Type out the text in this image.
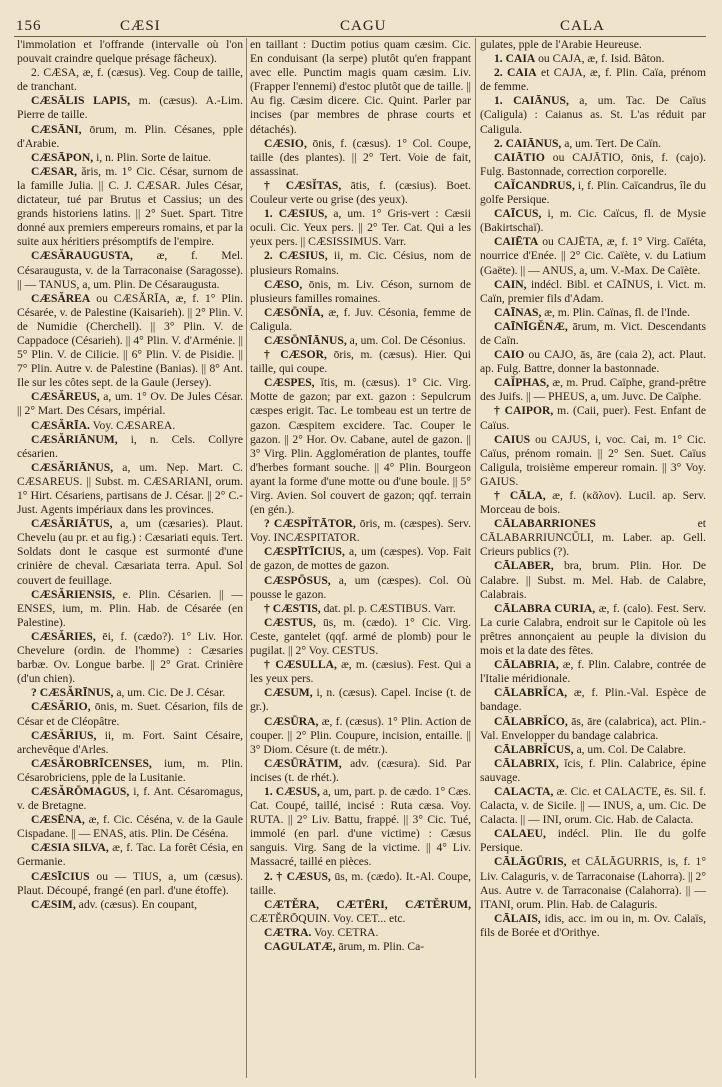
156	CÆSI	CAGU	CALA

l'immolation et l'offrande (intervalle où l'on pouvait craindre quelque présage fâcheux).

2. CÆSA, æ, f. (cæsus). Veg. Coup de taille, de tranchant.

CÆSĀLIS LAPIS, m. (cæsus). A.-Lim. Pierre de taille.

CÆSĀNI, ōrum, m. Plin. Césanes, pple d'Arabie.

CÆSĀPON, i, n. Plin. Sorte de laitue.

CÆSAR, ăris, m. 1° Cic. César, surnom de la famille Julia. || C. J. CÆSAR. Jules César, dictateur, tué par Brutus et Cassius; un des grands historiens latins. || 2° Suet. Spart. Titre donné aux premiers empereurs romains, et par la suite aux héritiers présomptifs de l'empire.

CÆSĂRAUGUSTA, æ, f. Mel. Césaraugusta, v. de la Tarraconaise (Saragosse). || — TANUS, a, um. Plin. De Césaraugusta.

CÆSĂREA ou CÆSĂRĪA, æ, f. 1° Plin. Césarée, v. de Palestine (Kaisarieh). || 2° Plin. V. de Numidie (Cherchell). || 3° Plin. V. de Cappadoce (Césarieh). || 4° Plin. V. d'Arménie. || 5° Plin. V. de Cilicie. || 6° Plin. V. de Pisidie. || 7° Plin. Autre v. de Palestine (Banias). || 8° Ant. Ile sur les côtes sept. de la Gaule (Jersey).

CÆSĂREUS, a, um. 1° Ov. De Jules César. || 2° Mart. Des Césars, impérial.

CÆSĂRĪA. Voy. CÆSAREA.

CÆSĂRIĀNUM, i, n. Cels. Collyre césarien.

CÆSĂRIĀNUS, a, um. Nep. Mart. C. CÆSAREUS. || Subst. m. CÆSARIANI, orum. 1° Hirt. Césariens, partisans de J. César. || 2° C.-Just. Agents impériaux dans les provinces.

CÆSĂRIĀTUS, a, um (cæsaries). Plaut. Chevelu (au pr. et au fig.) : Cæsariati equis. Tert. Soldats dont le casque est surmonté d'une crinière de cheval. Cæsariata terra. Apul. Sol couvert de feuillage.

CÆSĂRIENSIS, e. Plin. Césarien. || — ENSES, ium, m. Plin. Hab. de Césarée (en Palestine).

CÆSĂRIES, ēi, f. (cædo?). 1° Liv. Hor. Chevelure (ordin. de l'homme) : Cæsaries barbæ. Ov. Longue barbe. || 2° Grat. Crinière (d'un chien).

? CÆSĂRĪNUS, a, um. Cic. De J. César.

CÆSĂRIO, ōnis, m. Suet. Césarion, fils de César et de Cléopâtre.

CÆSĂRIUS, ii, m. Fort. Saint Césaire, archevêque d'Arles.

CÆSĂROBRĪCENSES, ium, m. Plin. Césarobriciens, pple de la Lusitanie.

CÆSĂRŌMAGUS, i, f. Ant. Césaromagus, v. de Bretagne.

CÆSĒNA, æ, f. Cic. Céséna, v. de la Gaule Cispadane. || — ENAS, atis. Plin. De Céséna.

CÆSIA SILVA, æ, f. Tac. La forêt Césia, en Germanie.

CÆSĪCIUS ou — TIUS, a, um (cæsus). Plaut. Découpé, frangé (en parl. d'une étoffe).

CÆSIM, adv. (cæsus). En coupant,

en taillant : Ductim potius quam cæsim. Cic. En conduisant (la serpe) plutôt qu'en frappant avec elle. Punctim magis quam cæsim. Liv. (Frapper l'ennemi) d'estoc plutôt que de taille. || Au fig. Cæsim dicere. Cic. Quint. Parler par incises (par membres de phrase courts et détachés).

CÆSIO, ōnis, f. (cæsus). 1° Col. Coupe, taille (des plantes). || 2° Tert. Voie de fait, assassinat.

† CÆSĬTAS, ātis, f. (cæsius). Boet. Couleur verte ou grise (des yeux).

1. CÆSIUS, a, um. 1° Gris-vert : Cæsii oculi. Cic. Yeux pers. || 2° Ter. Cat. Qui a les yeux pers. || CÆSISSIMUS. Varr.

2. CÆSIUS, ii, m. Cic. Césius, nom de plusieurs Romains.

CÆSO, ōnis, m. Liv. Céson, surnom de plusieurs familles romaines.

CÆSŌNĬA, æ, f. Juv. Césonia, femme de Caligula.

CÆSŌNĪĀNUS, a, um. Col. De Césonius.

† CÆSOR, ōris, m. (cæsus). Hier. Qui taille, qui coupe.

CÆSPES, ĭtis, m. (cæsus). 1° Cic. Virg. Motte de gazon; par ext. gazon : Sepulcrum cæspes erigit. Tac. Le tombeau est un tertre de gazon. Cæspitem excidere. Tac. Couper le gazon. || 2° Hor. Ov. Cabane, autel de gazon. || 3° Virg. Plin. Agglomération de plantes, touffe d'herbes formant souche. || 4° Plin. Bourgeon ayant la forme d'une motte ou d'une boule. || 5° Virg. Avien. Sol couvert de gazon; qqf. terrain (en gén.).

? CÆSPĬTĀTOR, ōris, m. (cæspes). Serv. Voy. INCÆSPITATOR.

CÆSPĪTĪCIUS, a, um (cæspes). Vop. Fait de gazon, de mottes de gazon.

CÆSPŌSUS, a, um (cæspes). Col. Où pousse le gazon.

† CÆSTIS, dat. pl. p. CÆSTIBUS. Varr.

CÆSTUS, ūs, m. (cædo). 1° Cic. Virg. Ceste, gantelet (qqf. armé de plomb) pour le pugilat. || 2° Voy. CESTUS.

† CÆSULLA, æ, m. (cæsius). Fest. Qui a les yeux pers.

CÆSUM, i, n. (cæsus). Capel. Incise (t. de gr.).

CÆSŪRA, æ, f. (cæsus). 1° Plin. Action de couper. || 2° Plin. Coupure, incision, entaille. || 3° Diom. Césure (t. de métr.).

CÆSŪRĀTIM, adv. (cæsura). Sid. Par incises (t. de rhét.).

1. CÆSUS, a, um, part. p. de cædo. 1° Cæs. Cat. Coupé, taillé, incisé : Ruta cæsa. Voy. RUTA. || 2° Liv. Battu, frappé. || 3° Cic. Tué, immolé (en parl. d'une victime) : Cæsus sanguis. Virg. Sang de la victime. || 4° Liv. Massacré, taillé en pièces.

2. † CÆSUS, ūs, m. (cædo). It.-Al. Coupe, taille.

CÆTĔRA, CÆTĒRI, CÆTĔRUM, CÆTĔRŌQUIN. Voy. CET... etc.

CÆTRA. Voy. CETRA.

CAGULATÆ, ārum, m. Plin. Ca-

gulates, pple de l'Arabie Heureuse.

1. CAIA ou CAJA, æ, f. Isid. Bâton.

2. CAIA et CAJA, æ, f. Plin. Caïa, prénom de femme.

1. CAIĀNUS, a, um. Tac. De Caïus (Caligula) : Caianus as. St. L'as réduit par Caligula.

2. CAIĀNUS, a, um. Tert. De Caïn.

CAIĀTIO ou CAJĀTIO, ōnis, f. (cajo). Fulg. Bastonnade, correction corporelle.

CAĬCANDRUS, i, f. Plin. Caïcandrus, île du golfe Persique.

CAĪCUS, i, m. Cic. Caïcus, fl. de Mysie (Bakirtschaï).

CAIĒTA ou CAJĒTA, æ, f. 1° Virg. Caïéta, nourrice d'Enée. || 2° Cic. Caïète, v. du Latium (Gaëte). || — ANUS, a, um. V.-Max. De Caïète.

CAIN, indécl. Bibl. et CAĪNUS, i. Vict. m. Caïn, premier fils d'Adam.

CAĪNAS, æ, m. Plin. Caïnas, fl. de l'Inde.

CAĪNĪGĔNÆ, ārum, m. Vict. Descendants de Caïn.

CAIO ou CAJO, ās, āre (caia 2), act. Plaut. ap. Fulg. Battre, donner la bastonnade.

CAĬPHAS, æ, m. Prud. Caïphe, grand-prêtre des Juifs. || — PHEUS, a, um. Juvc. De Caïphe.

† CAIPOR, m. (Caii, puer). Fest. Enfant de Caïus.

CAIUS ou CAJUS, i, voc. Cai, m. 1° Cic. Caïus, prénom romain. || 2° Sen. Suet. Caïus Caligula, troisième empereur romain. || 3° Voy. GAIUS.

† CĀLA, æ, f. (κᾶλον). Lucil. ap. Serv. Morceau de bois.

CĀLABARRIONES et CĀLABARRIUNCŬLI, m. Laber. ap. Gell. Crieurs publics (?).

CĀLABER, bra, brum. Plin. Hor. De Calabre. || Subst. m. Mel. Hab. de Calabre, Calabrais.

CĀLABRA CURIA, æ, f. (calo). Fest. Serv. La curie Calabra, endroit sur le Capitole où les prêtres annonçaient au peuple la division du mois et la date des fêtes.

CĀLABRIA, æ, f. Plin. Calabre, contrée de l'Italie méridionale.

CĀLABRĬCA, æ, f. Plin.-Val. Espèce de bandage.

CĀLABRĬCO, ās, āre (calabrica), act. Plin.-Val. Envelopper du bandage calabrica.

CĀLABRĬCUS, a, um. Col. De Calabre.

CĀLABRIX, ĭcis, f. Plin. Calabrice, épine sauvage.

CALACTA, æ. Cic. et CALACTE, ēs. Sil. f. Calacta, v. de Sicile. || — INUS, a, um. Cic. De Calacta. || — INI, orum. Cic. Hab. de Calacta.

CALAEU, indécl. Plin. Ile du golfe Persique.

CĀLĀGŪRIS, et CĀLĀGURRIS, is, f. 1° Liv. Calaguris, v. de Tarraconaise (Lahorra). || 2° Aus. Autre v. de Tarraconaise (Calahorra). || — ITANI, orum. Plin. Hab. de Calaguris.

CĀLAIS, idis, acc. im ou in, m. Ov. Calaïs, fils de Borée et d'Orithye.
